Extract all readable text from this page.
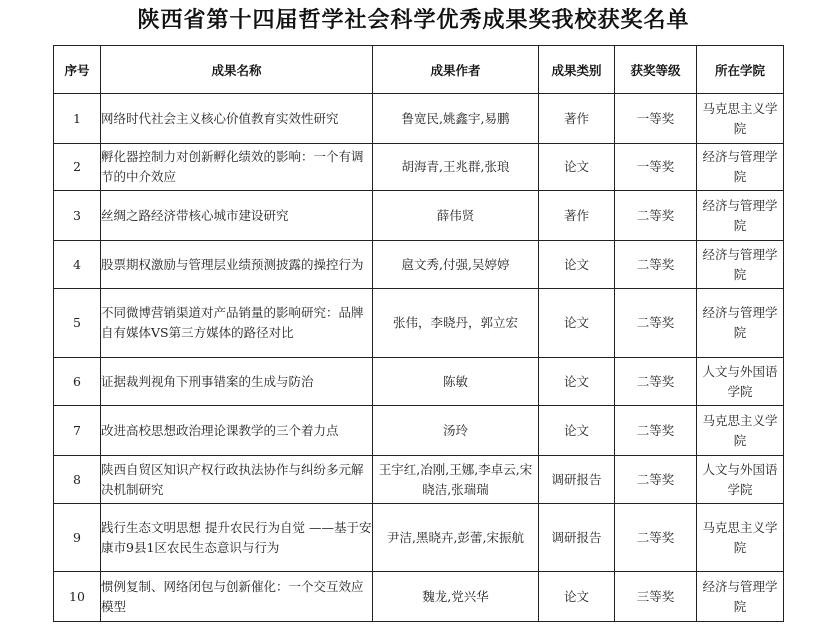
陕西省第十四届哲学社会科学优秀成果奖我校获奖名单
序号	成果名称	成果作者	成果类别	获奖等级	所在学院
1	网络时代社会主义核心价值教育实效性研究	鲁宽民,姚鑫宇,易鹏	著作	一等奖	马克思主义学院
2	孵化器控制力对创新孵化绩效的影响：一个有调节的中介效应	胡海青,王兆群,张琅	论文	一等奖	经济与管理学院
3	丝绸之路经济带核心城市建设研究	薛伟贤	著作	二等奖	经济与管理学院
4	股票期权激励与管理层业绩预测披露的操控行为	扈文秀,付强,吴婷婷	论文	二等奖	经济与管理学院
5	不同微博营销渠道对产品销量的影响研究：品牌自有媒体VS第三方媒体的路径对比	张伟，李晓丹，郭立宏	论文	二等奖	经济与管理学院
6	证据裁判视角下刑事错案的生成与防治	陈敏	论文	二等奖	人文与外国语学院
7	改进高校思想政治理论课教学的三个着力点	汤玲	论文	二等奖	马克思主义学院
8	陕西自贸区知识产权行政执法协作与纠纷多元解决机制研究	王宇红,冶刚,王娜,李卓云,宋晓洁,张瑞瑞	调研报告	二等奖	人文与外国语学院
9	践行生态文明思想 提升农民行为自觉 ——基于安康市9县1区农民生态意识与行为	尹洁,黑晓卉,彭蕾,宋振航	调研报告	二等奖	马克思主义学院
10	惯例复制、网络闭包与创新催化：一个交互效应模型	魏龙,党兴华	论文	三等奖	经济与管理学院
